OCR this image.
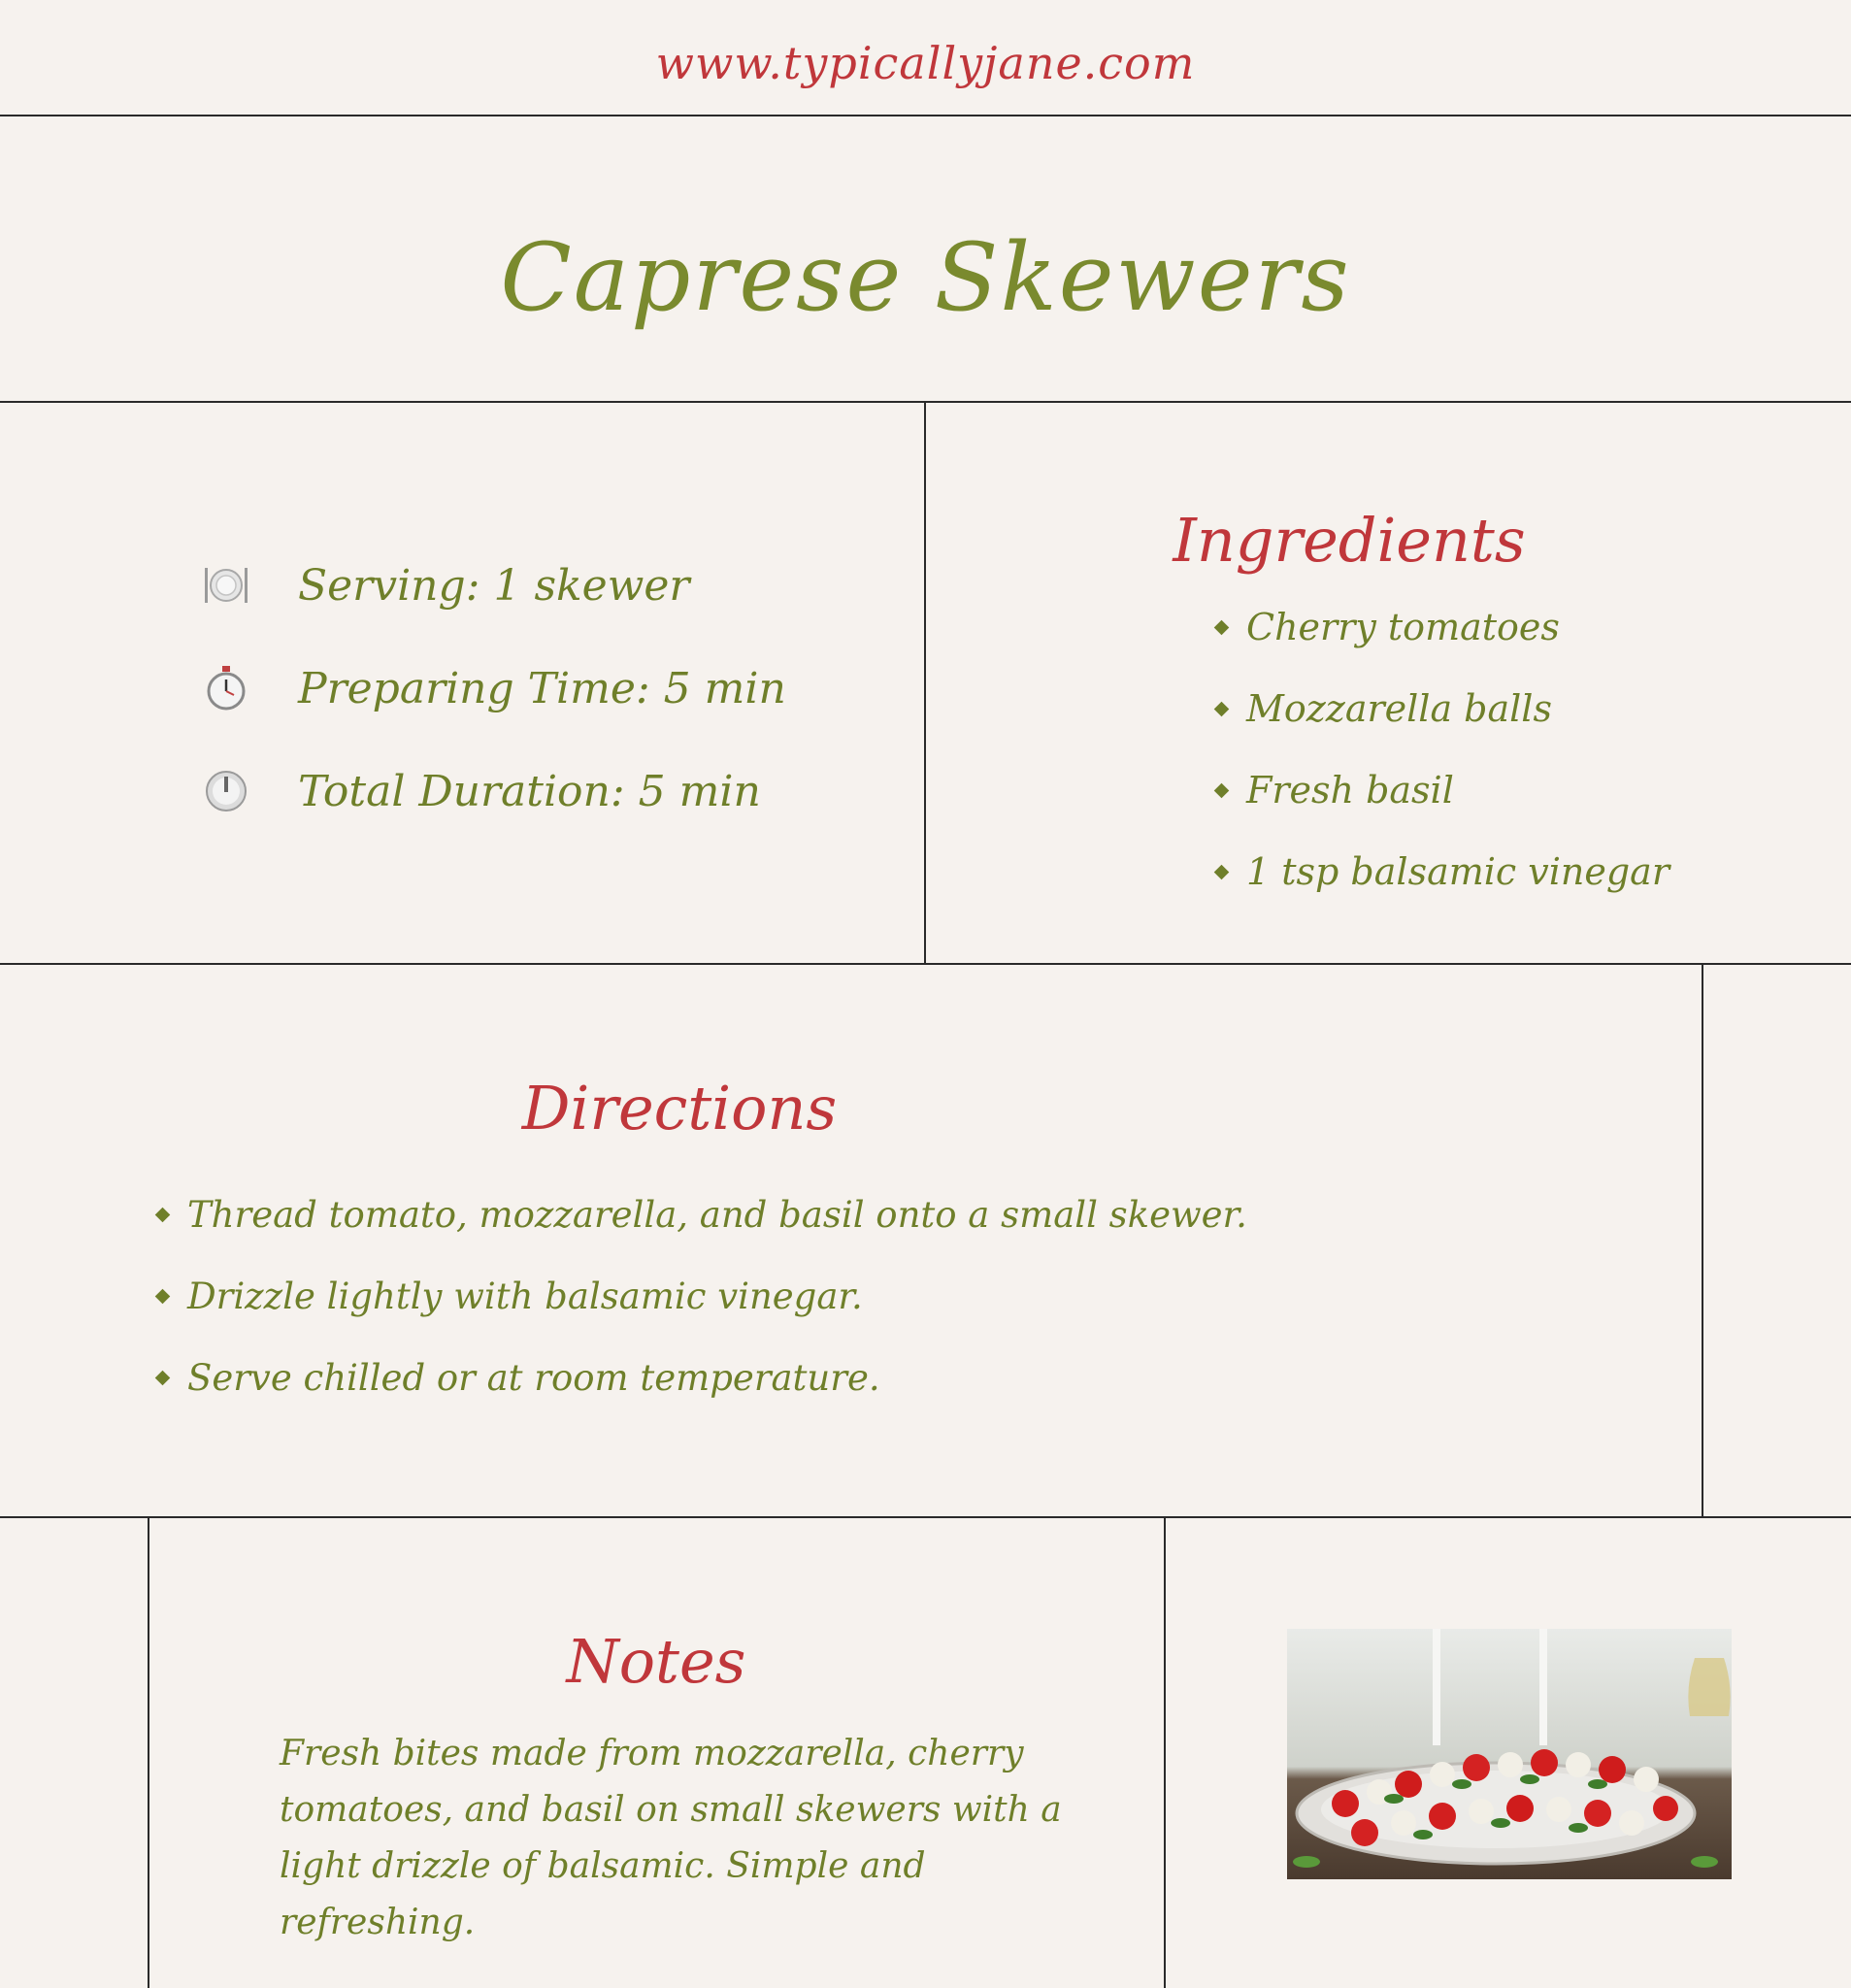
www.typicallyjane.com
Caprese Skewers
Serving: 1 skewer
Preparing Time: 5 min
Total Duration: 5 min
Ingredients
Cherry tomatoes
Mozzarella balls
Fresh basil
1 tsp balsamic vinegar
Directions
Thread tomato, mozzarella, and basil onto a small skewer.
Drizzle lightly with balsamic vinegar.
Serve chilled or at room temperature.
Notes
Fresh bites made from mozzarella, cherry tomatoes, and basil on small skewers with a light drizzle of balsamic. Simple and refreshing.
